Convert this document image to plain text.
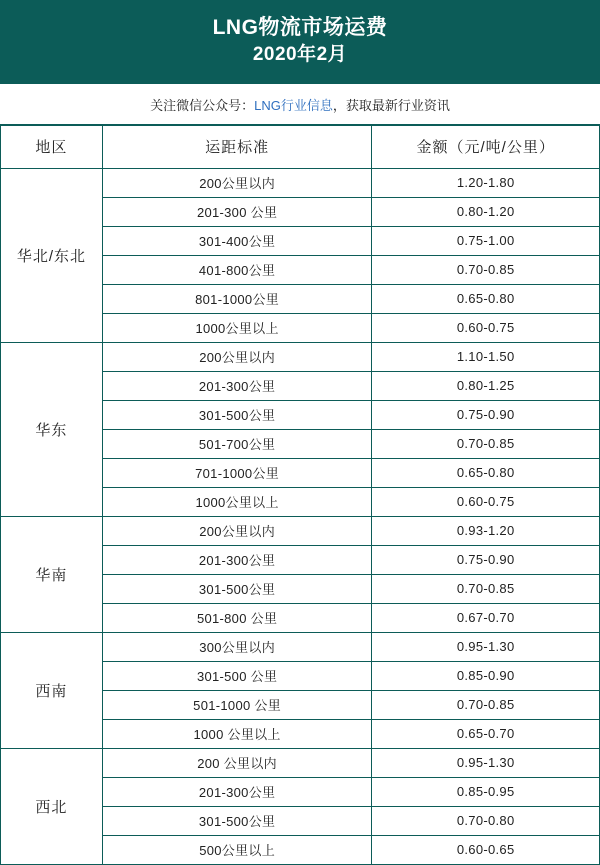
LNG物流市场运费
2020年2月
关注微信公众号：LNG行业信息，获取最新行业资讯
地区	运距标准	金额（元/吨/公里）
华北/东北	200公里以内	1.20-1.80
	201-300 公里	0.80-1.20
	301-400公里	0.75-1.00
	401-800公里	0.70-0.85
	801-1000公里	0.65-0.80
	1000公里以上	0.60-0.75
华东	200公里以内	1.10-1.50
	201-300公里	0.80-1.25
	301-500公里	0.75-0.90
	501-700公里	0.70-0.85
	701-1000公里	0.65-0.80
	1000公里以上	0.60-0.75
华南	200公里以内	0.93-1.20
	201-300公里	0.75-0.90
	301-500公里	0.70-0.85
	501-800 公里	0.67-0.70
西南	300公里以内	0.95-1.30
	301-500 公里	0.85-0.90
	501-1000 公里	0.70-0.85
	1000 公里以上	0.65-0.70
西北	200 公里以内	0.95-1.30
	201-300公里	0.85-0.95
	301-500公里	0.70-0.80
	500公里以上	0.60-0.65
